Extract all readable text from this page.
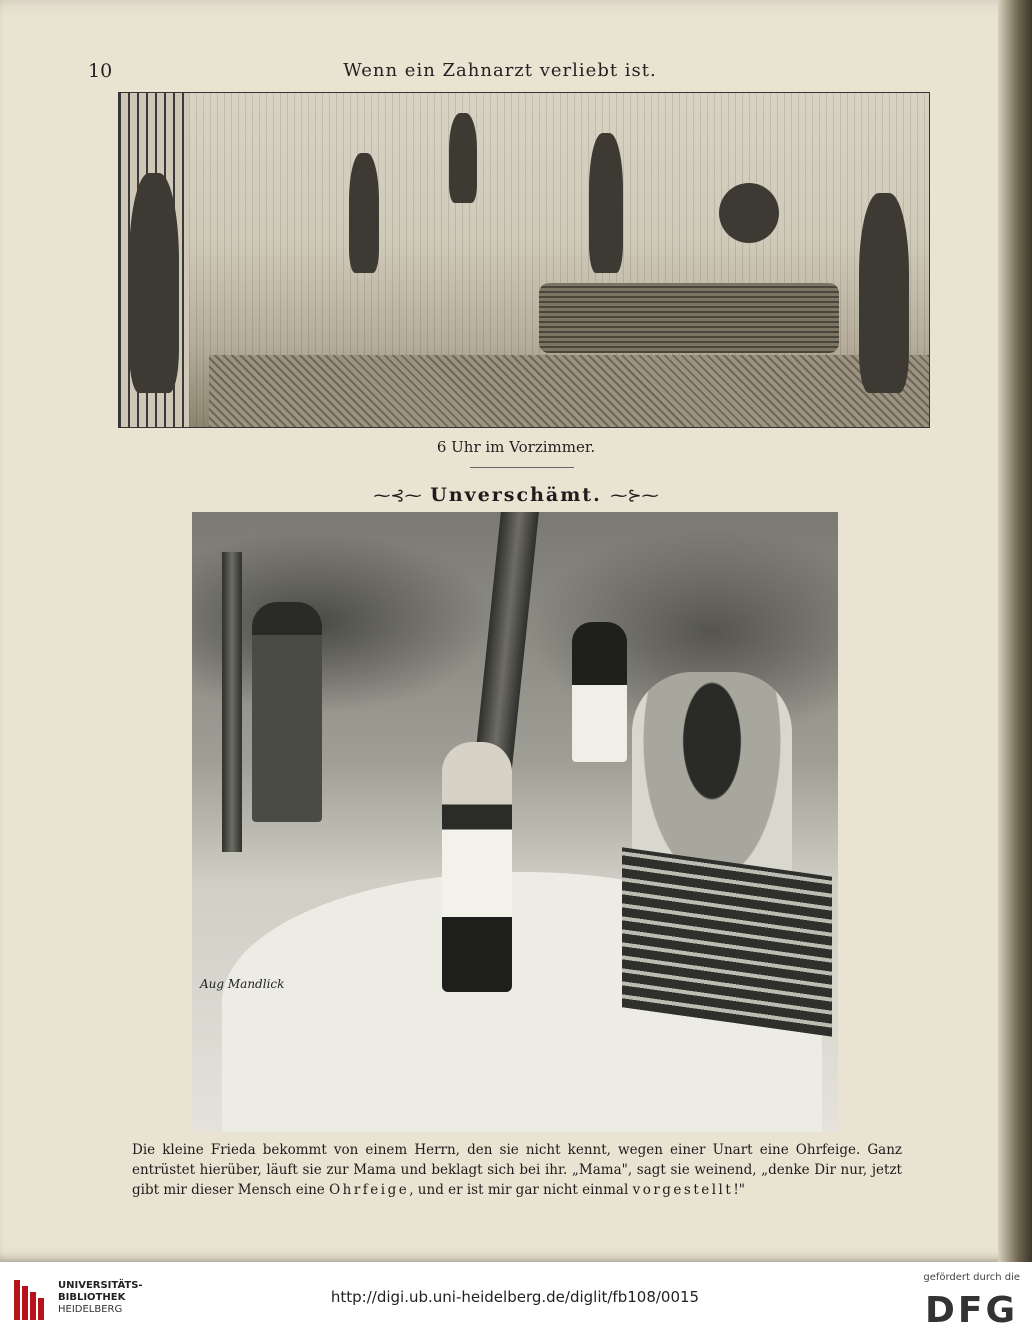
10	Wenn ein Zahnarzt verliebt ist.
6 Uhr im Vorzimmer.
⁓⊰⁓ Unverschämt. ⁓⊱⁓
Aug Mandlick
Die kleine Frieda bekommt von einem Herrn, den sie nicht kennt, wegen einer Unart eine Ohrfeige. Ganz entrüstet hierüber, läuft sie zur Mama und beklagt sich bei ihr. „Mama", sagt sie weinend, „denke Dir nur, jetzt gibt mir dieser Mensch eine Ohrfeige, und er ist mir gar nicht einmal vorgestellt!"
UNIVERSITÄTS-
BIBLIOTHEK
HEIDELBERG
http://digi.ub.uni-heidelberg.de/diglit/fb108/0015
gefördert durch die
DFG
